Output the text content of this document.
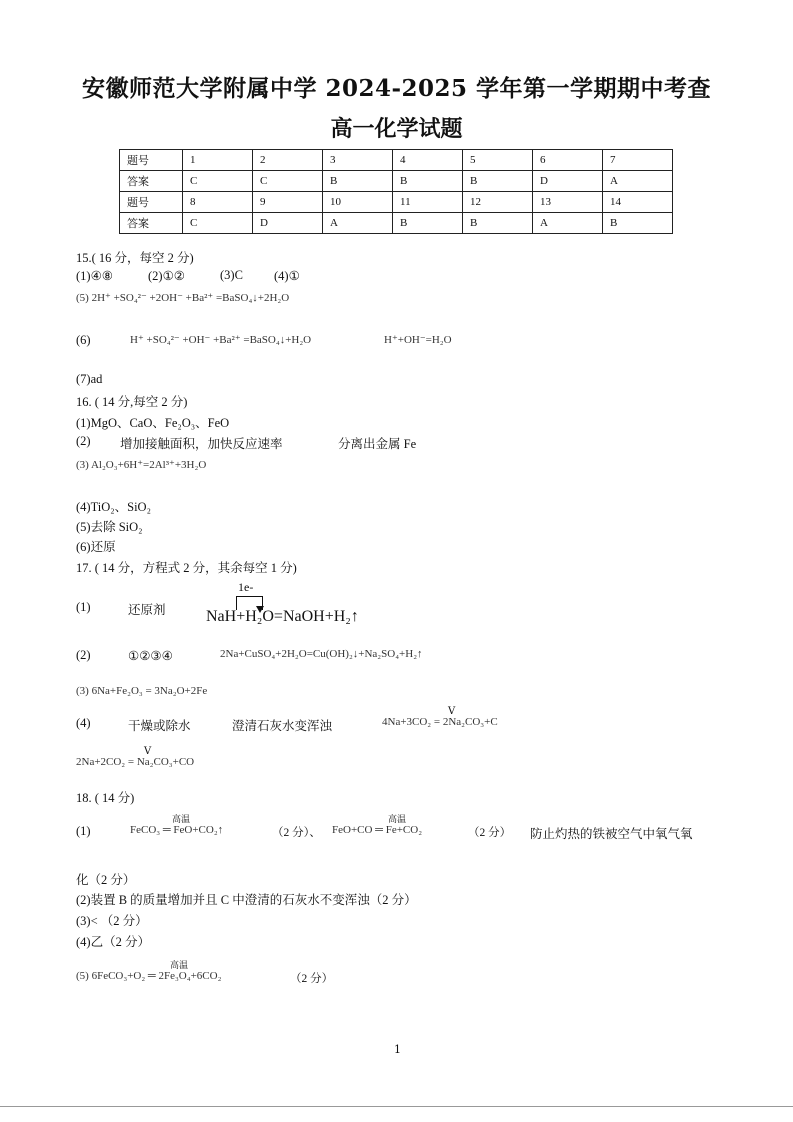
安徽师范大学附属中学 2024-2025 学年第一学期期中考查
高一化学试题
题号	1	2	3	4	5	6	7
答案	C	C	B	B	B	D	A
题号	8	9	10	11	12	13	14
答案	C	D	A	B	B	A	B
15.( 16 分，每空 2 分)
(1)④⑧	(2)①②	(3)C (4)①
(5) 2H⁺ +SO₄²⁻ +2OH⁻ +Ba²⁺ =BaSO₄↓+2H₂O
(6)	H⁺ +SO₄²⁻ +OH⁻ +Ba²⁺ =BaSO₄↓+H₂O	H⁺+OH⁻=H₂O
(7)ad
16. ( 14 分,每空 2 分)
(1)MgO、CaO、Fe₂O₃、FeO
(2) 增加接触面积，加快反应速率	分离出金属 Fe
(3) Al₂O₃+6H⁺=2Al³⁺+3H₂O
(4)TiO₂、SiO₂
(5)去除 SiO₂
(6)还原
17. ( 14 分，方程式 2 分，其余每空 1 分)
1e-
(1)	还原剂	NaH+H₂O=NaOH+H₂↑
(2)	①②③④	2Na+CuSO₄+2H₂O=Cu(OH)₂↓+Na₂SO₄+H₂↑
(3) 6Na+Fe₂O₃ = 3Na₂O+2Fe
(4)	干燥或除水	澄清石灰水变浑浊
V
4Na+3CO₂ = 2Na₂CO₃+C
V
2Na+2CO₂ = Na₂CO₃+CO
18. ( 14 分)
(1)
高温
FeCO₃ ═ FeO+CO₂↑	（2 分）、
高温
FeO+CO ═ Fe+CO₂	（2 分） 防止灼热的铁被空气中氧气氧
化（2 分）
(2)装置 B 的质量增加并且 C 中澄清的石灰水不变浑浊（2 分）
(3)< （2 分）
(4)乙（2 分）
高温
(5) 6FeCO₃+O₂ ═ 2Fe₃O₄+6CO₂	（2 分）
1
